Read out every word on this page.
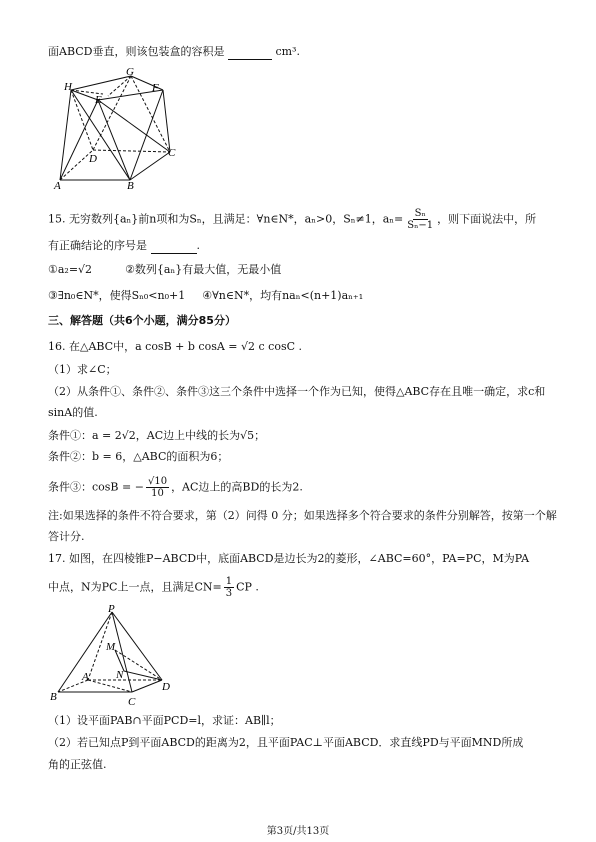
面ABCD垂直，则该包装盒的容积是	cm³.
H
G
F
E
D	C
A	B
15. 无穷数列{aₙ}前n项和为Sₙ，且满足：∀n∈N*，aₙ>0，Sₙ≠1，$a_n= \frac{\text{Sₙ}}{\text{Sₙ−1}}$ ，则下面说法中，所
有正确结论的序号是	.
①a₂=√2	②数列{aₙ}有最大值，无最小值
③∃n₀∈N*，使得Sₙ₀<n₀+1 ④∀n∈N*，均有naₙ<(n+1)aₙ₊₁
三、解答题（共6个小题，满分85分）
16. 在△ABC中，a cosB + b cosA = √2 c cosC .
（1）求∠C；
（2）从条件①、条件②、条件③这三个条件中选择一个作为已知，使得△ABC存在且唯一确定，求c和
sinA的值.
条件①：a = 2√2，AC边上中线的长为√5；
条件②：b = 6，△ABC的面积为6；
条件③：cosB = − $\frac{√10}{10}$ ，AC边上的高BD的长为2.
注:如果选择的条件不符合要求，第（2）问得 0 分；如果选择多个符合要求的条件分别解答，按第一个解
答计分.
17. 如图，在四棱锥P−ABCD中，底面ABCD是边长为2的菱形，∠ABC=60°，PA=PC，M为PA
中点，N为PC上一点，且满足$CN= \frac{1}{3}$ CP .
P
M
A N
B	C
D
（1）设平面PAB∩平面PCD=l，求证：AB∥l；
（2）若已知点P到平面ABCD的距离为2，且平面PAC⊥平面ABCD．求直线PD与平面MND所成
角的正弦值.
第3页/共13页
